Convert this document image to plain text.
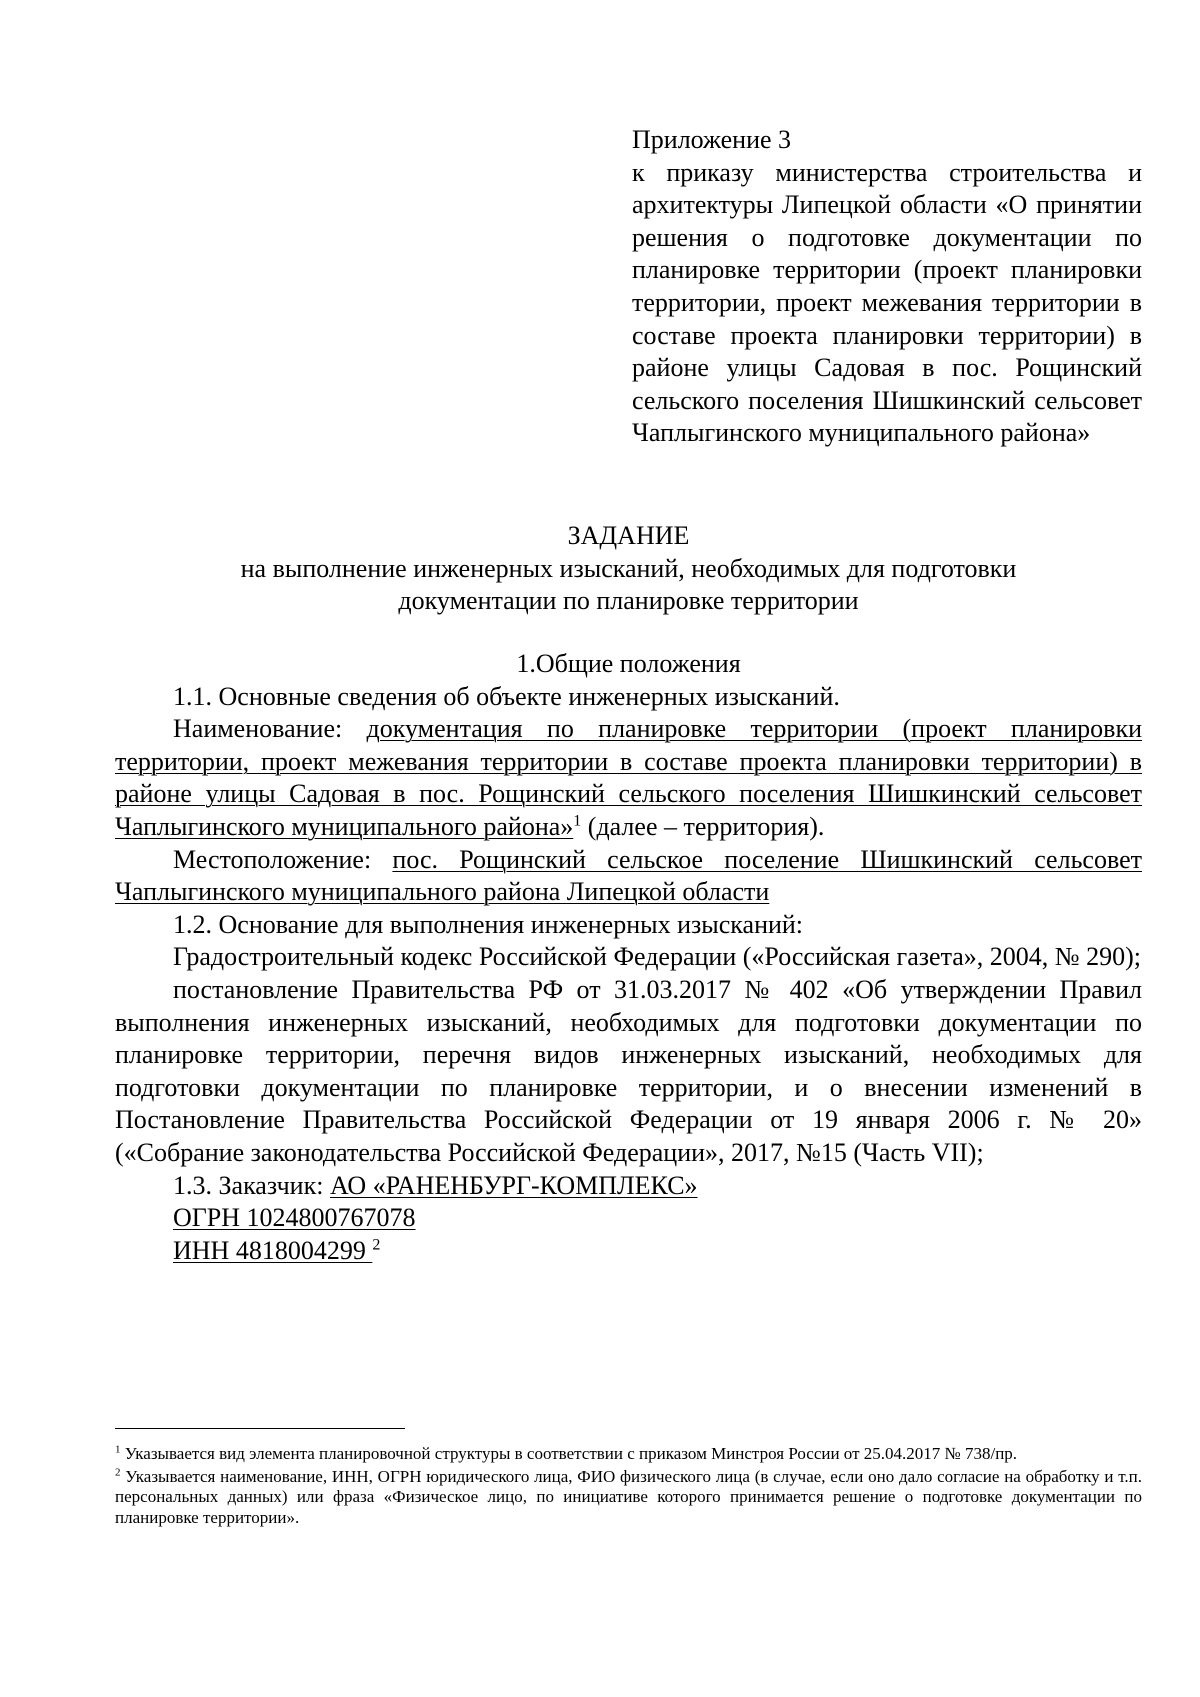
Приложение 3
к приказу министерства строительства и архитектуры Липецкой области «О принятии решения о подготовке документации по планировке территории (проект планировки территории, проект межевания территории в составе проекта планировки территории) в районе улицы Садовая в пос. Рощинский сельского поселения Шишкинский сельсовет Чаплыгинского муниципального района»
ЗАДАНИЕ
на выполнение инженерных изысканий, необходимых для подготовки
документации по планировке территории

1.Общие положения

1.1. Основные сведения об объекте инженерных изысканий.

Наименование: документация по планировке территории (проект планировки территории, проект межевания территории в составе проекта планировки территории) в районе улицы Садовая в пос. Рощинский сельского поселения Шишкинский сельсовет Чаплыгинского муниципального района»$^1$ (далее – территория).

Местоположение: пос. Рощинский сельское поселение Шишкинский сельсовет Чаплыгинского муниципального района Липецкой области

1.2. Основание для выполнения инженерных изысканий:

Градостроительный кодекс Российской Федерации («Российская газета», 2004, № 290);

постановление Правительства РФ от 31.03.2017 № 402 «Об утверждении Правил выполнения инженерных изысканий, необходимых для подготовки документации по планировке территории, перечня видов инженерных изысканий, необходимых для подготовки документации по планировке территории, и о внесении изменений в Постановление Правительства Российской Федерации от 19 января 2006 г. № 20» («Собрание законодательства Российской Федерации», 2017, №15 (Часть VII);

1.3. Заказчик: АО «РАНЕНБУРГ-КОМПЛЕКС»
ОГРН 1024800767078
ИНН 4818004299 $^2$

$^1$ Указывается вид элемента планировочной структуры в соответствии с приказом Минстроя России от 25.04.2017 № 738/пр.

$^2$ Указывается наименование, ИНН, ОГРН юридического лица, ФИО физического лица (в случае, если оно дало согласие на обработку и т.п. персональных данных) или фраза «Физическое лицо, по инициативе которого принимается решение о подготовке документации по планировке территории».
